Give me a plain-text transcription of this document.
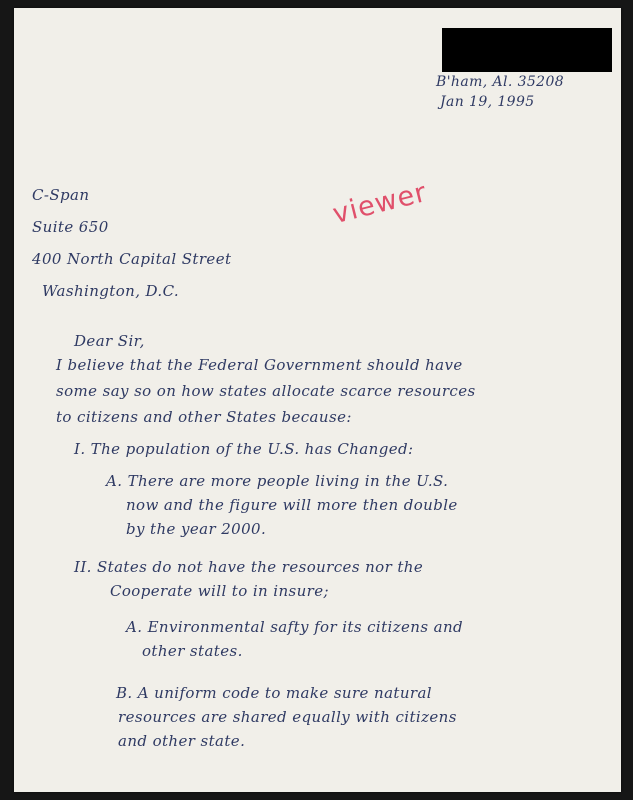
B'ham, Al. 35208

Jan 19, 1995

viewer

C-Span

Suite 650

400 North Capital Street

Washington, D.C.

Dear Sir,

I believe that the Federal Government should have

some say so on how states allocate scarce resources

to citizens and other States because:

I. The population of the U.S. has Changed:

A. There are more people living in the U.S.

now and the figure will more then double

by the year 2000.

II. States do not have the resources nor the

Cooperate will to in insure;

A. Environmental safty for its citizens and

other states.

B. A uniform code to make sure natural

resources are shared equally with citizens

and other state.
